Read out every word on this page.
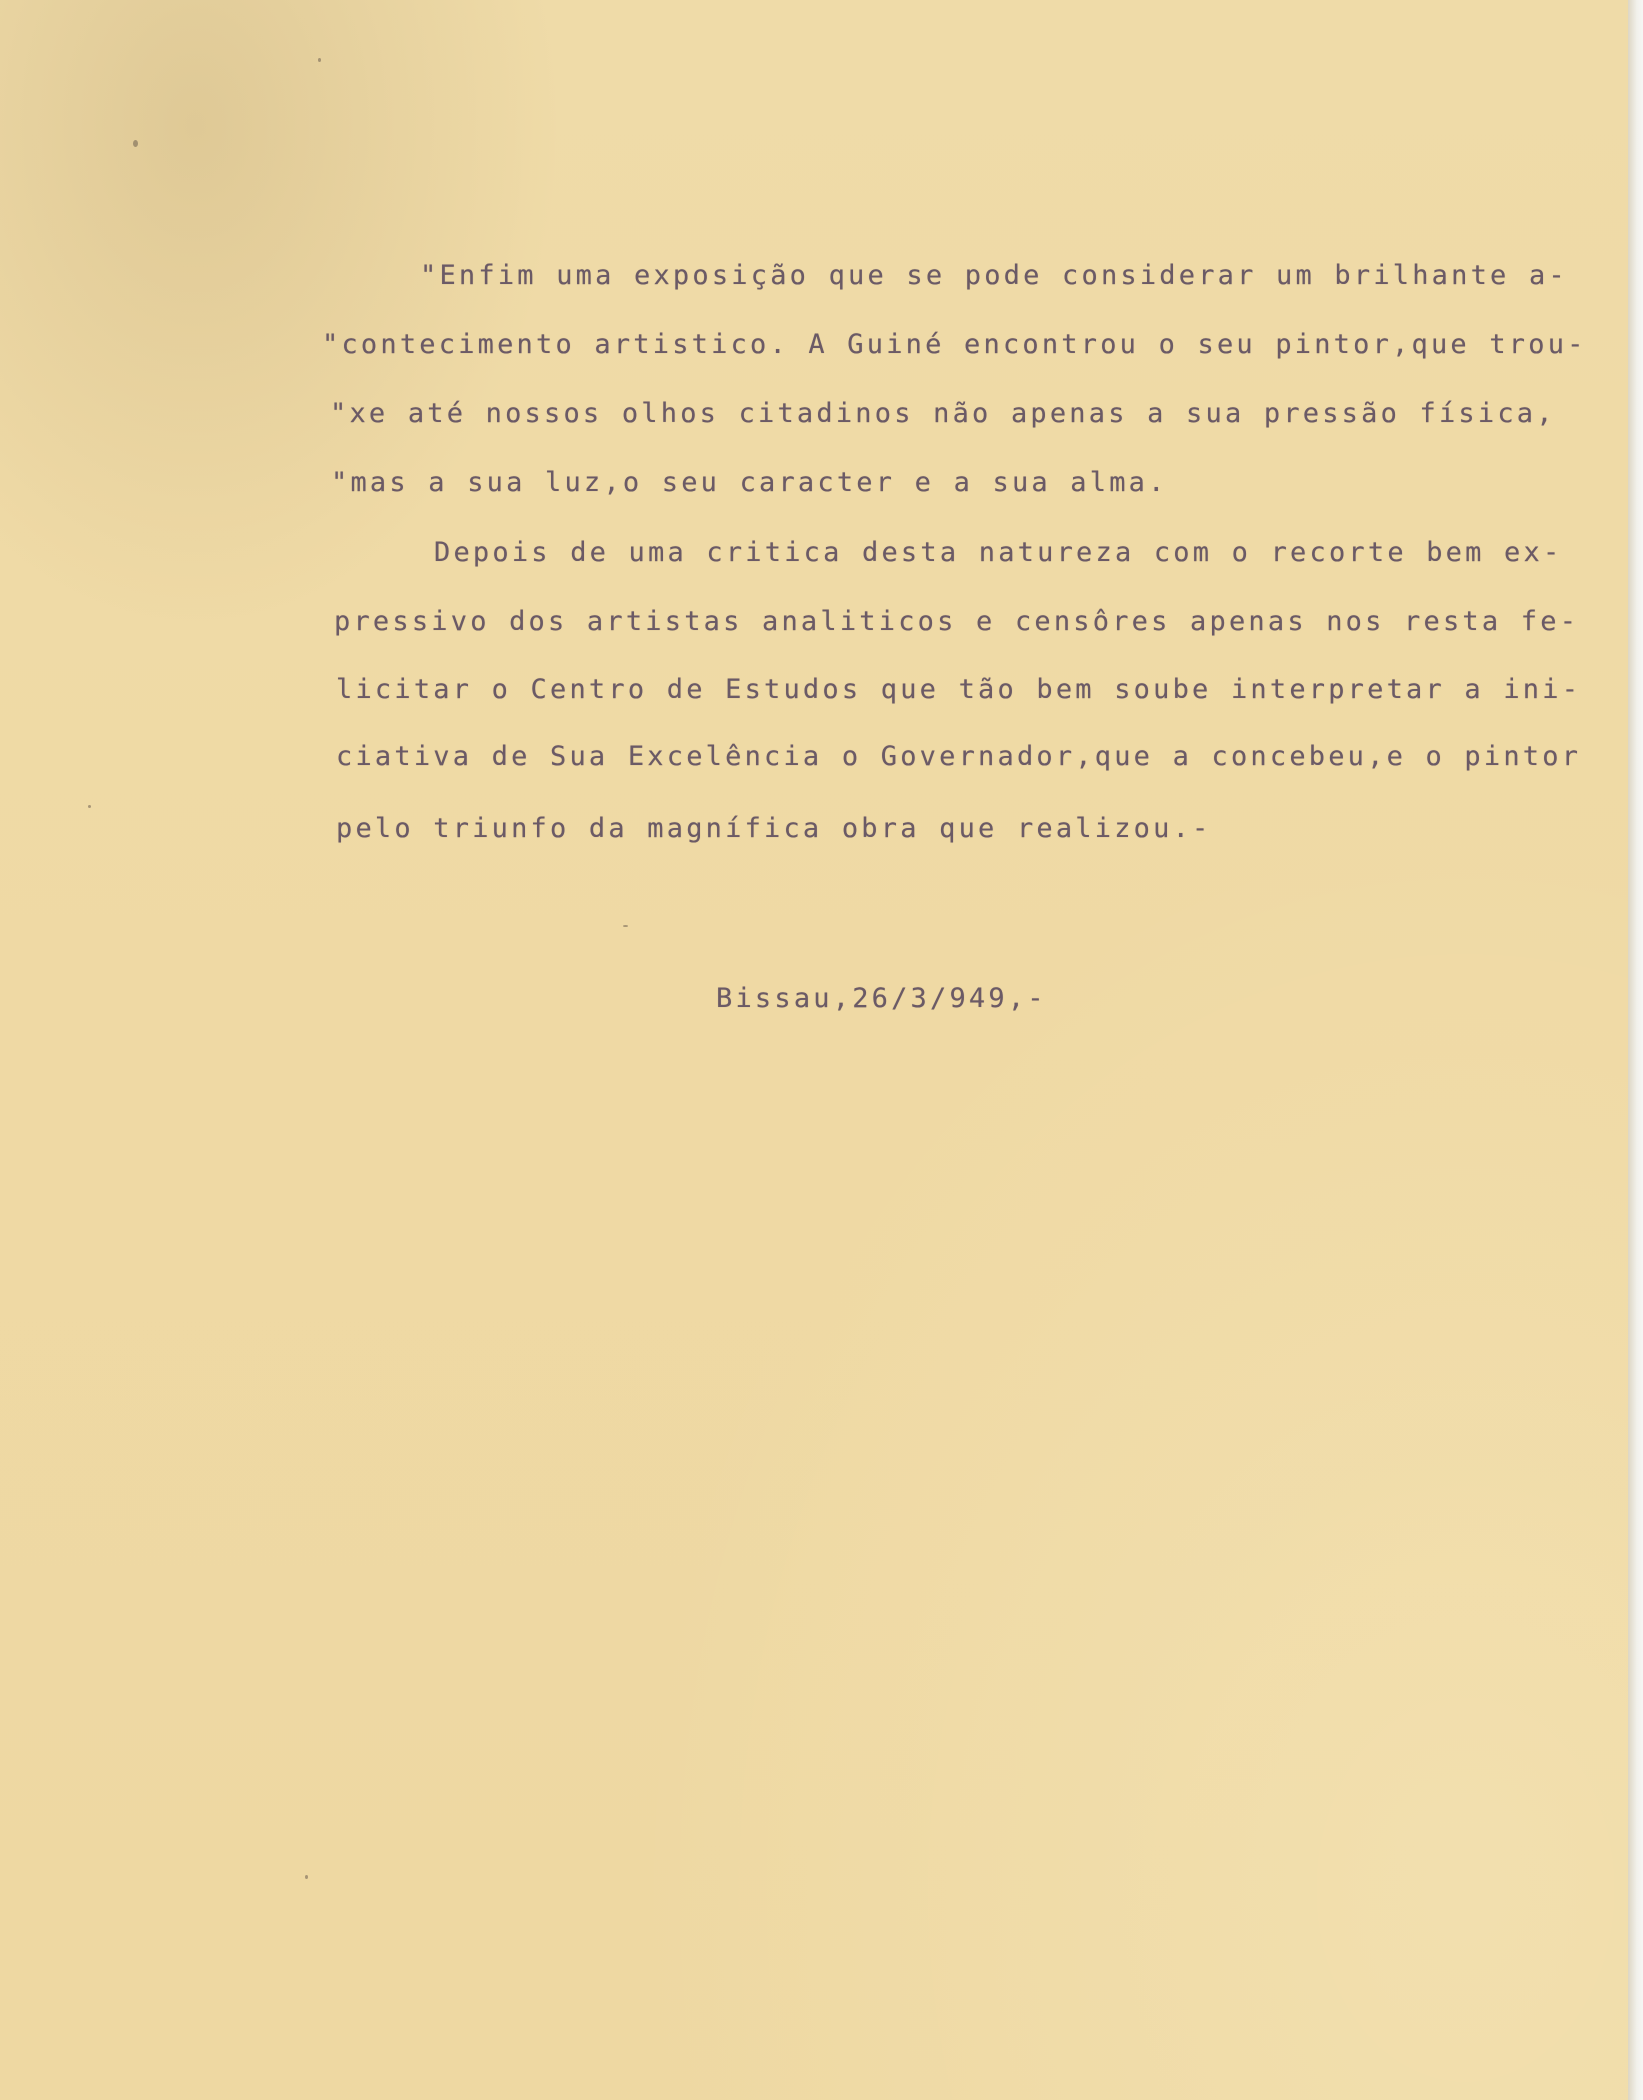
"Enfim uma exposição que se pode considerar um brilhante a-
"contecimento artistico. A Guiné encontrou o seu pintor,que trou-
"xe até nossos olhos citadinos não apenas a sua pressão física,
"mas a sua luz,o seu caracter e a sua alma.
Depois de uma critica desta natureza com o recorte bem ex-
pressivo dos artistas analiticos e censôres apenas nos resta fe-
licitar o Centro de Estudos que tão bem soube interpretar a ini-
ciativa de Sua Excelência o Governador,que a concebeu,e o pintor
pelo triunfo da magnífica obra que realizou.-
Bissau,26/3/949,-
